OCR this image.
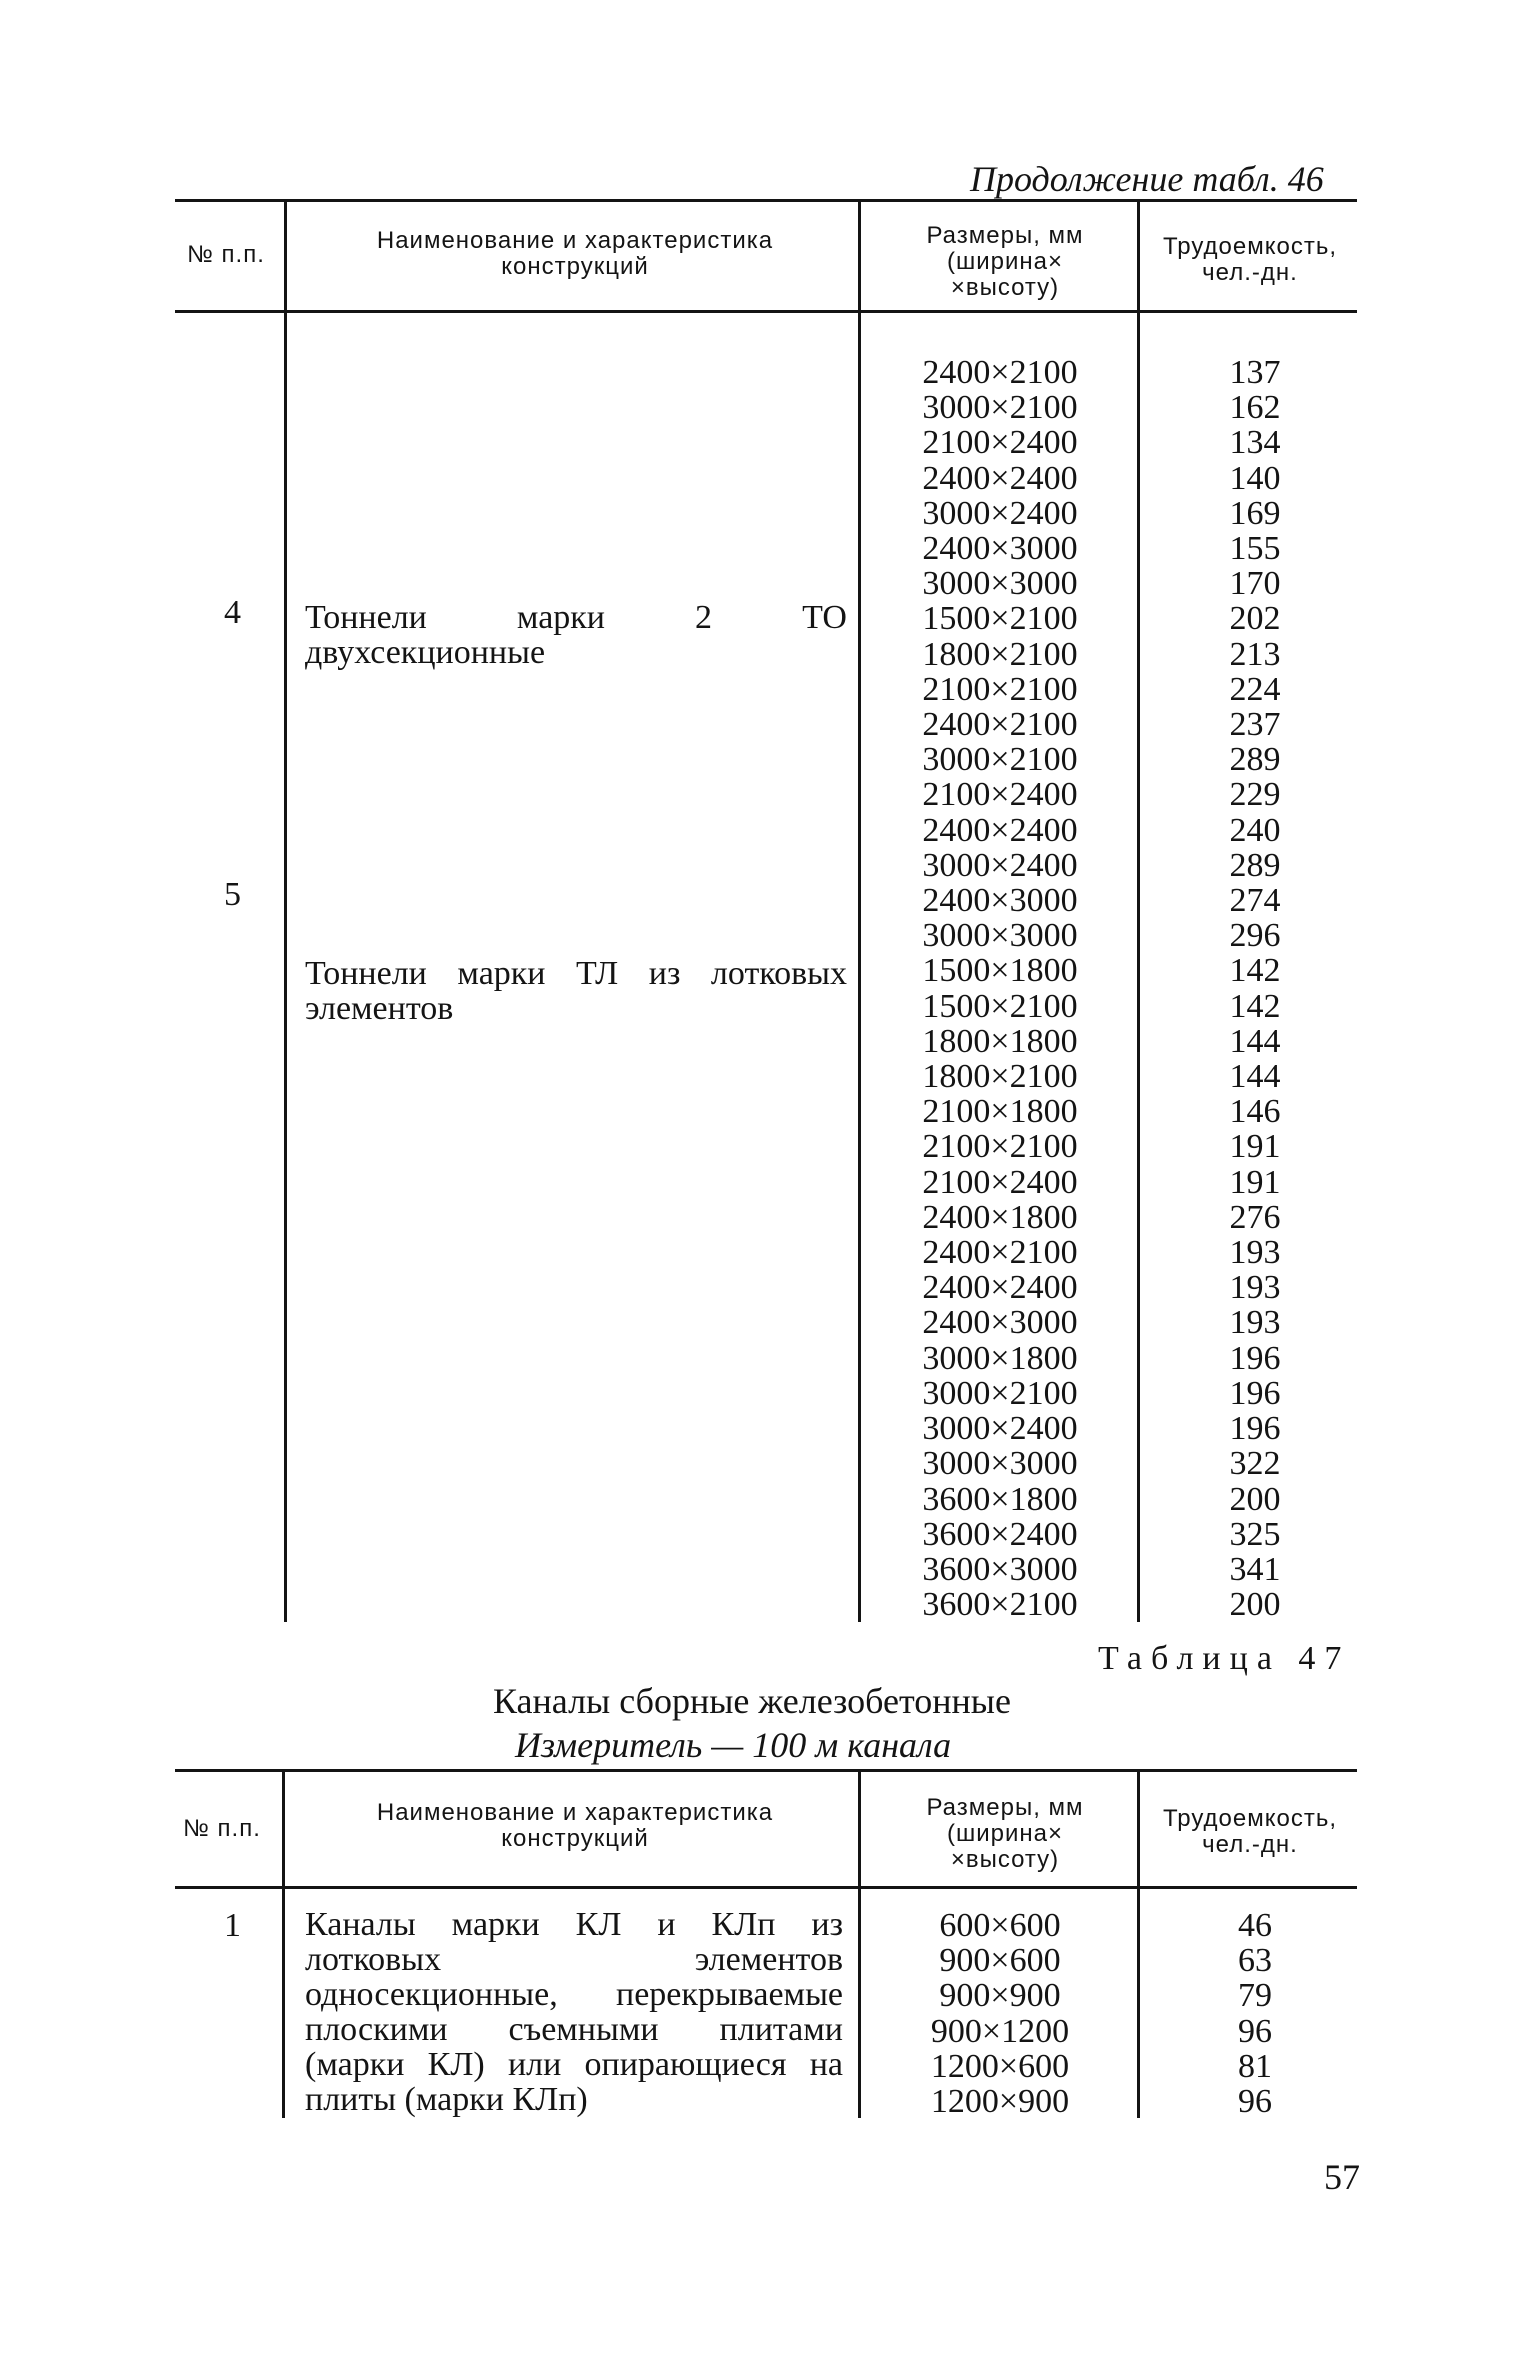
Продолжение табл. 46
№ п.п.
Наименование и характеристика конструкций
Размеры, мм (ширина× ×высоту)
Трудоемкость, чел.-дн.
4 Тоннели марки 2 ТО двухсекционные
5
Тоннели марки ТЛ из лотковых элементов
2400×2100
3000×2100
2100×2400
2400×2400
3000×2400
2400×3000
3000×3000
1500×2100
1800×2100
2100×2100
2400×2100
3000×2100
2100×2400
2400×2400
3000×2400
2400×3000
3000×3000
1500×1800
1500×2100
1800×1800
1800×2100
2100×1800
2100×2100
2100×2400
2400×1800
2400×2100
2400×2400
2400×3000
3000×1800
3000×2100
3000×2400
3000×3000
3600×1800
3600×2400
3600×3000
3600×2100
137
162
134
140
169
155
170
202
213
224
237
289
229
240
289
274
296
142
142
144
144
146
191
191
276
193
193
193
196
196
196
322
200
325
341
200
Таблица 47
Каналы сборные железобетонные
Измеритель — 100 м канала
№ п.п.
Наименование и характеристика конструкций
Размеры, мм (ширина× ×высоту)
Трудоемкость, чел.-дн.
1 Каналы марки КЛ и КЛп из лотковых элементов односекционные, перекрываемые плоскими съемными плитами (марки КЛ) или опирающиеся на плиты (марки КЛп)
600×600
900×600
900×900
900×1200
1200×600
1200×900
46
63
79
96
81
96
57
